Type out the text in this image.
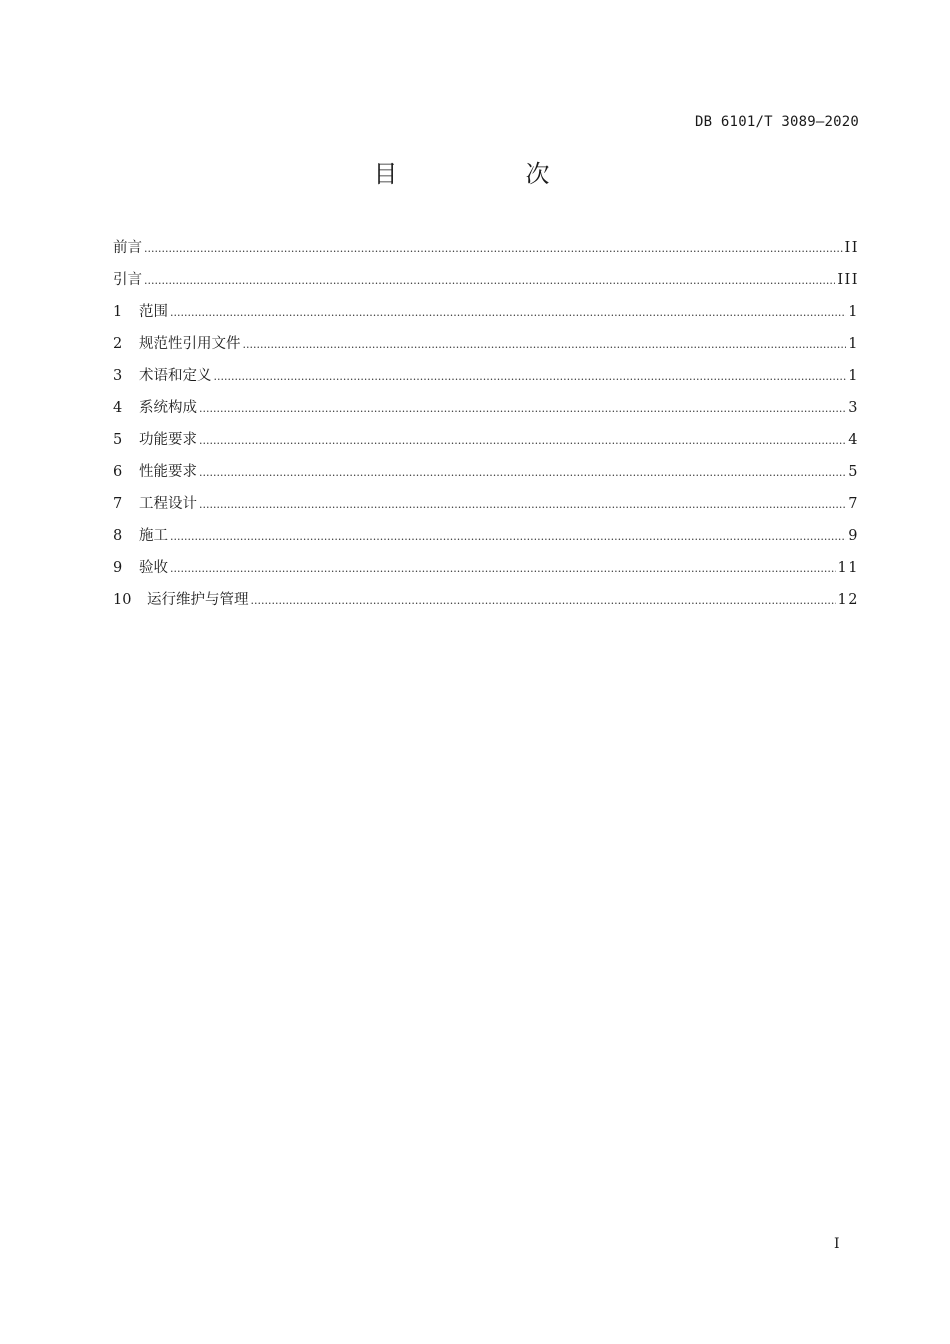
DB 6101/T 3089—2020
目　次
前言 .....	II
引言 .....	III
1	范围 .....	1
2	规范性引用文件 .....	1
3	术语和定义 .....	1
4	系统构成 .....	3
5	功能要求 .....	4
6	性能要求 .....	5
7	工程设计 .....	7
8	施工 .....	9
9	验收 .....	11
10	运行维护与管理 .....	12
I
